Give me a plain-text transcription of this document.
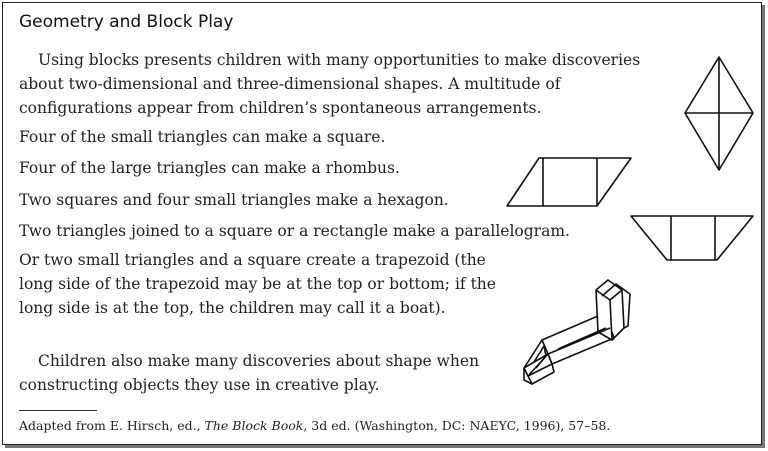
Geometry and Block Play

Using blocks presents children with many opportunities to make discoveries about two-dimensional and three-dimensional shapes. A multitude of configurations appear from children’s spontaneous arrangements.

Four of the small triangles can make a square.

Four of the large triangles can make a rhombus.

Two squares and four small triangles make a hexagon.

Two triangles joined to a square or a rectangle make a parallelogram.

Or two small triangles and a square create a trapezoid (the long side of the trapezoid may be at the top or bottom; if the long side is at the top, the children may call it a boat).

Children also make many discoveries about shape when constructing objects they use in creative play.

Adapted from E. Hirsch, ed., The Block Book, 3d ed. (Washington, DC: NAEYC, 1996), 57–58.
